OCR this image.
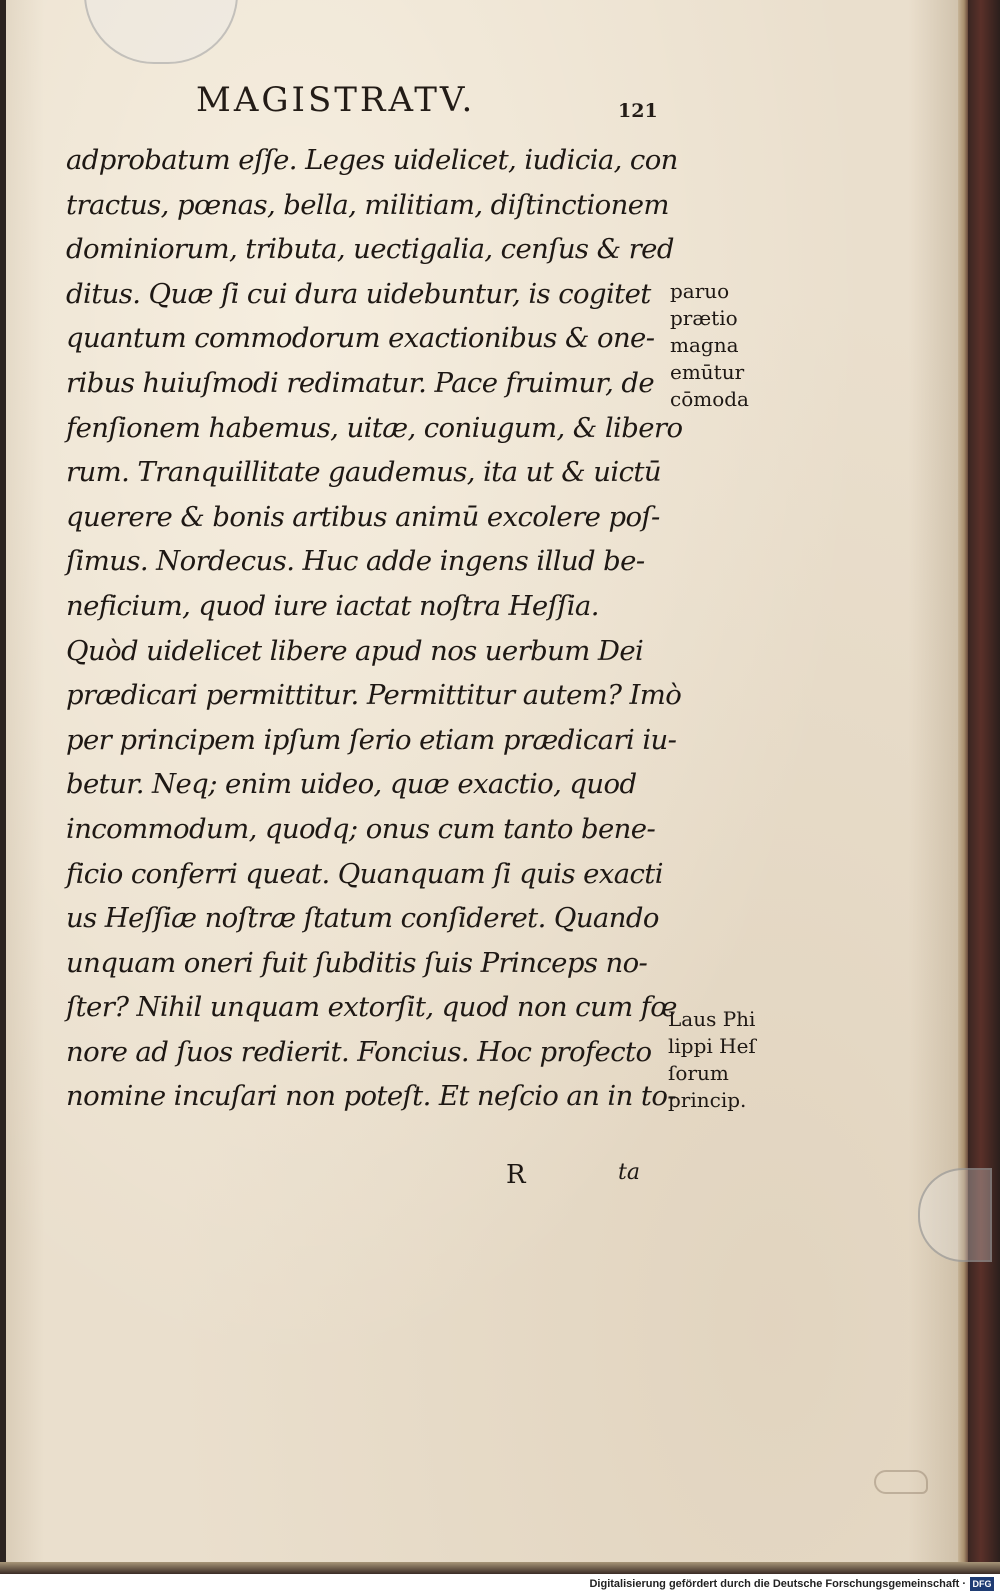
MAGISTRATV.	121
adprobatum eſſe. Leges uidelicet, iudicia, con
tractus, pœnas, bella, militiam, diſtinctionem
dominiorum, tributa, uectigalia, cenſus & red
ditus. Quæ ſi cui dura uidebuntur, is cogitet
quantum commodorum exactionibus & one-
ribus huiuſmodi redimatur. Pace fruimur, de
fenſionem habemus, uitæ, coniugum, & libero
rum. Tranquillitate gaudemus, ita ut & uictū
querere & bonis artibus animū excolere poſ-
ſimus. Nordecus. Huc adde ingens illud be-
neficium, quod iure iactat noſtra Heſſia.
Quòd uidelicet libere apud nos uerbum Dei
prædicari permittitur. Permittitur autem? Imò
per principem ipſum ſerio etiam prædicari iu-
betur. Neq; enim uideo, quæ exactio, quod
incommodum, quodq; onus cum tanto bene-
ficio conferri queat. Quanquam ſi quis exacti
us Heſſiæ noſtræ ſtatum conſideret. Quando
unquam oneri fuit ſubditis ſuis Princeps no-
ſter? Nihil unquam extorſit, quod non cum fœ
nore ad ſuos redierit. Foncius. Hoc profecto
nomine incuſari non poteſt. Et neſcio an in to-
paruo
prætio
magna
emūtur
cōmoda
Laus Phi
lippi Heſ
ſorum
princip.
R	ta
Digitalisierung gefördert durch die Deutsche Forschungsgemeinschaft · DFG
